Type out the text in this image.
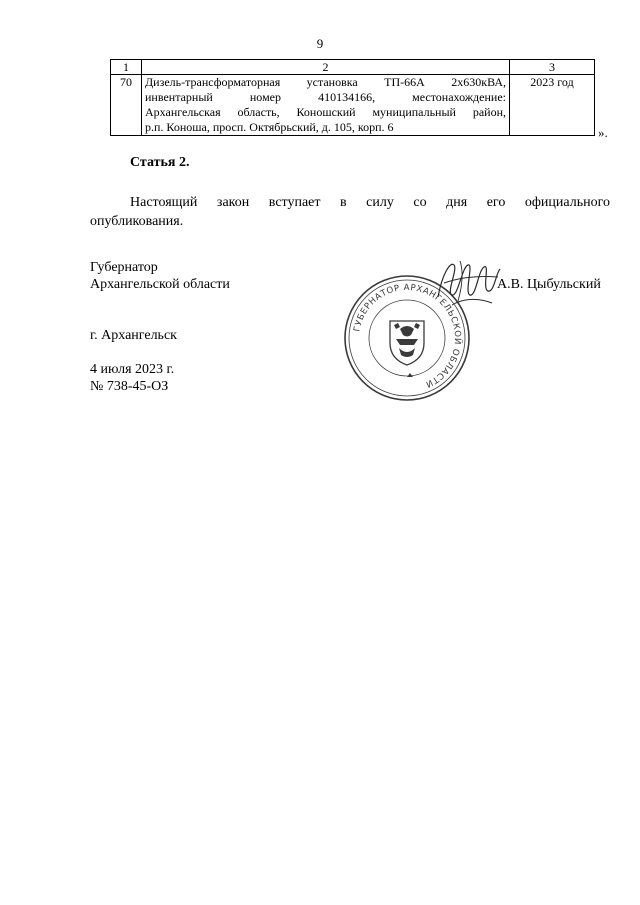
9
1	2	3
70	Дизель-трансформаторная установка ТП-66А 2х630кВА,
инвентарный номер 410134166, местонахождение:
Архангельская область, Коношский муниципальный район,
р.п. Коноша, просп. Октябрьский, д. 105, корп. 6	2023 год
».
Статья 2.
Настоящий закон вступает в силу со дня его официального
опубликования.
Губернатор
Архангельской области	А.В. Цыбульский
г. Архангельск
4 июля 2023 г.
№ 738-45-ОЗ
ГУБЕРНАТОР АРХАНГЕЛЬСКОЙ ОБЛАСТИ
